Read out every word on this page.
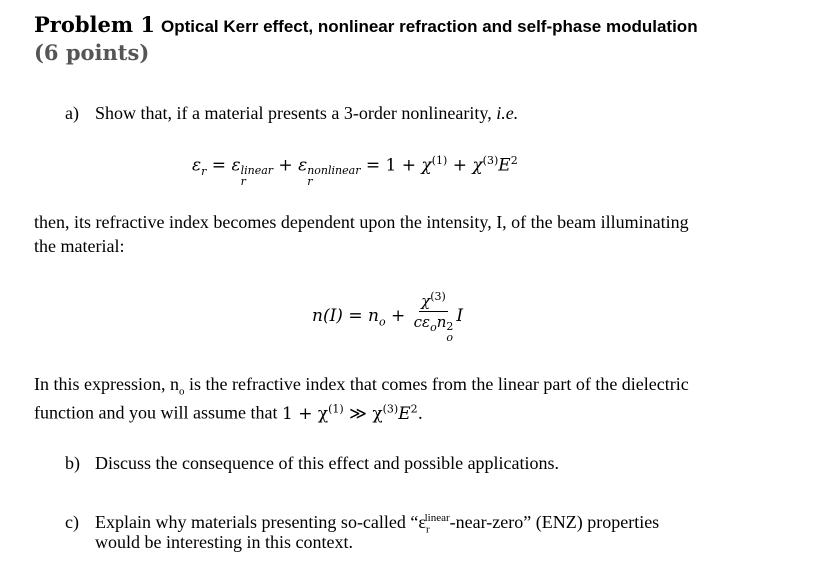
Problem 1 Optical Kerr effect, nonlinear refraction and self-phase modulation
(6 points)
a) Show that, if a material presents a 3-order nonlinearity, i.e.
$\varepsilon_r = \varepsilon$ linear
r
+ ε nonlinear
r
= $1 + \chi^{(1)} + \chi^{(3)}E^2$
then, its refractive index becomes dependent upon the intensity, I, of the beam illuminating
the material:
$n(I) = n_o + \chi^{(3)}$
$c\varepsilon_on$ 2
o I
In this expression, $n_o$ is the refractive index that comes from the linear part of the dielectric
function and you will assume that $1 + \chi^{(1)}$ ≫ $\chi^{(3)}E^2$.
b) Discuss the consequence of this effect and possible applications.
c) Explain why materials presenting so-called “$\varepsilon_r^{linear}-near$-zero” (ENZ) properties
would be interesting in this context.
